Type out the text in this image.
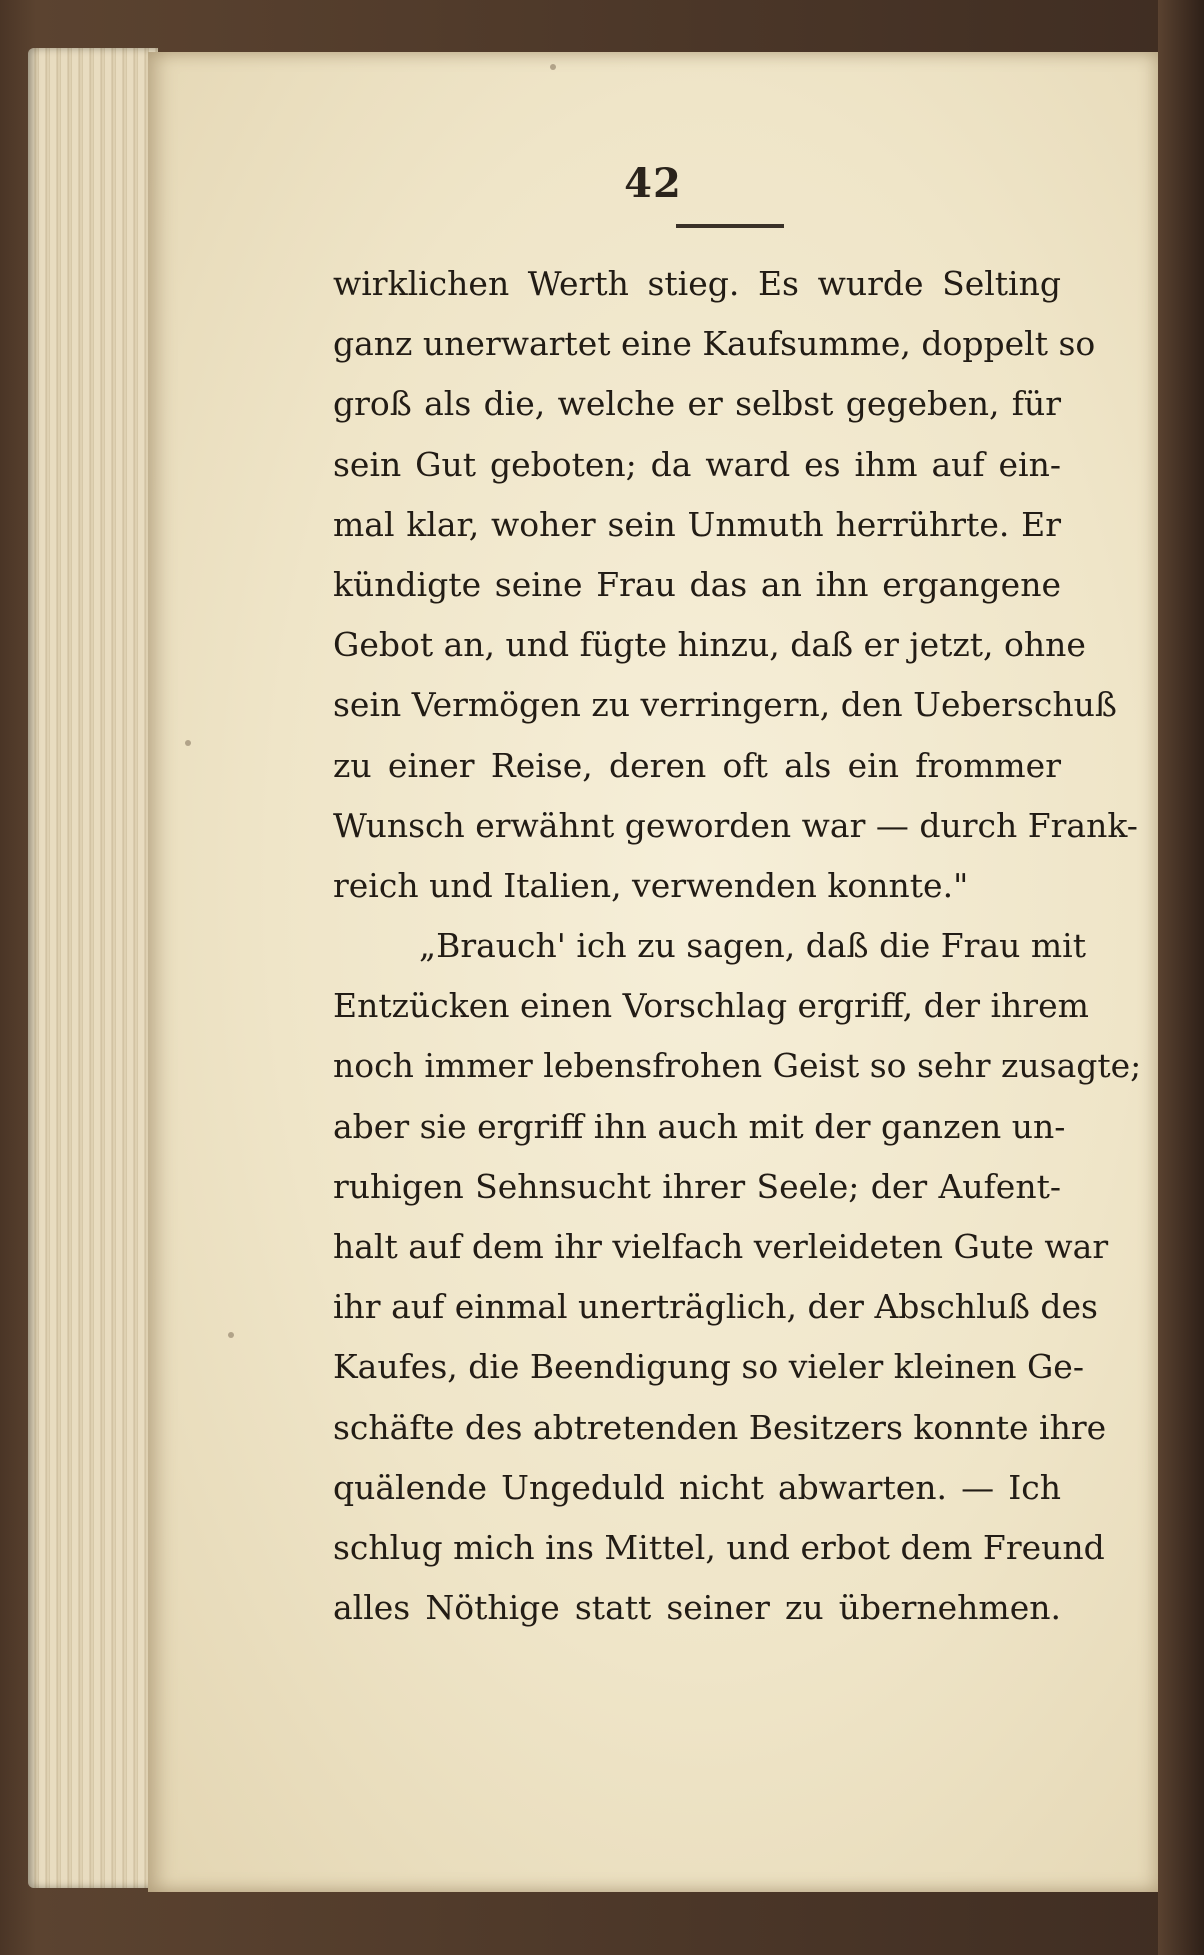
42

wirklichen Werth stieg. Es wurde Selting
ganz unerwartet eine Kaufsumme, doppelt so
groß als die, welche er selbst gegeben, für
sein Gut geboten; da ward es ihm auf ein-
mal klar, woher sein Unmuth herrührte. Er
kündigte seine Frau das an ihn ergangene
Gebot an, und fügte hinzu, daß er jetzt, ohne
sein Vermögen zu verringern, den Ueberschuß
zu einer Reise, deren oft als ein frommer
Wunsch erwähnt geworden war — durch Frank-
reich und Italien, verwenden konnte."
„Brauch' ich zu sagen, daß die Frau mit
Entzücken einen Vorschlag ergriff, der ihrem
noch immer lebensfrohen Geist so sehr zusagte;
aber sie ergriff ihn auch mit der ganzen un-
ruhigen Sehnsucht ihrer Seele; der Aufent-
halt auf dem ihr vielfach verleideten Gute war
ihr auf einmal unerträglich, der Abschluß des
Kaufes, die Beendigung so vieler kleinen Ge-
schäfte des abtretenden Besitzers konnte ihre
quälende Ungeduld nicht abwarten. — Ich
schlug mich ins Mittel, und erbot dem Freund
alles Nöthige statt seiner zu übernehmen.
